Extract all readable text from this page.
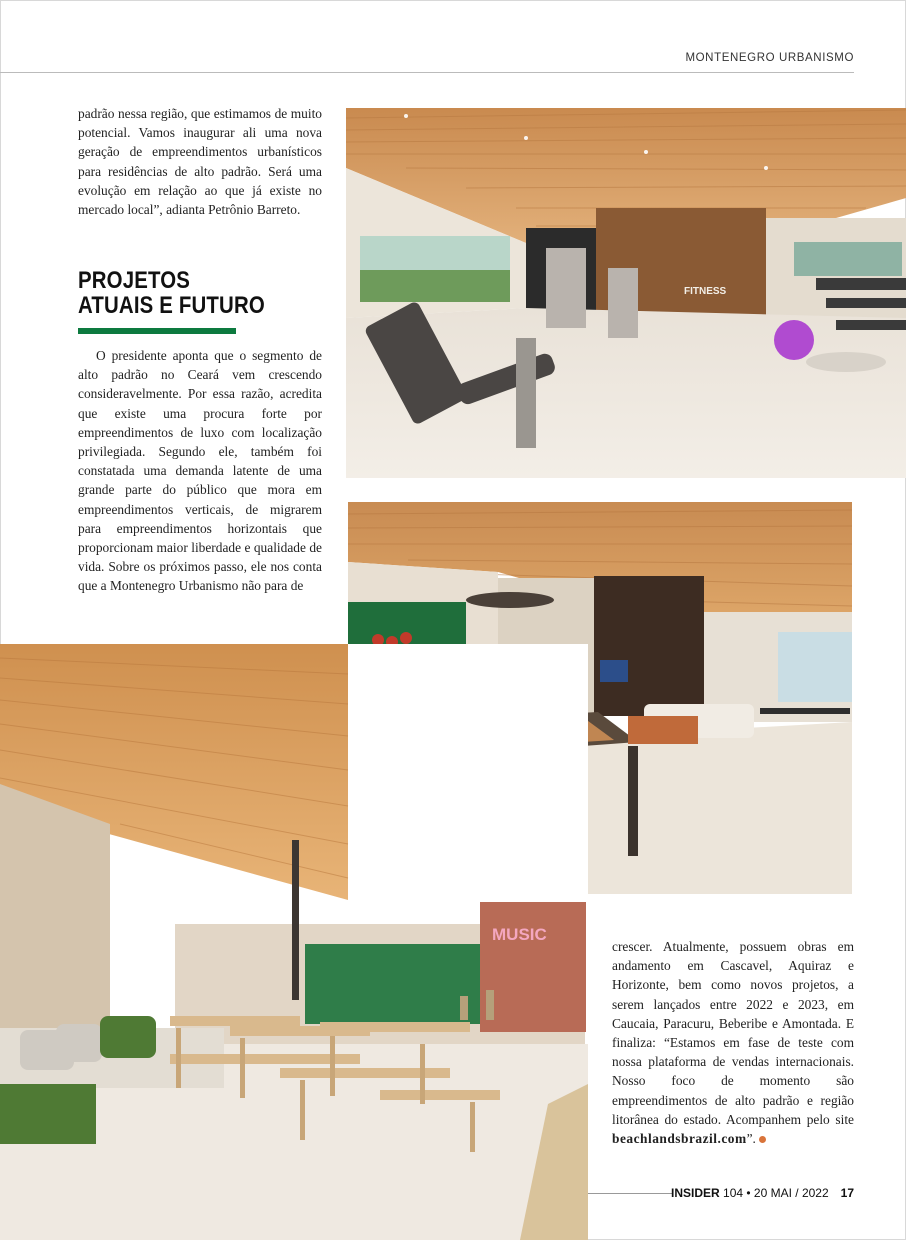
MONTENEGRO URBANISMO

padrão nessa região, que estimamos de muito potencial. Vamos inaugurar ali uma nova geração de empreendimentos urbanísticos para residências de alto padrão. Será uma evolução em relação ao que já existe no mercado local”, adianta Petrônio Barreto.

PROJETOS
ATUAIS E FUTURO

O presidente aponta que o segmento de alto padrão no Ceará vem crescendo consideravelmente. Por essa razão, acredita que existe uma procura forte por empreendimentos de luxo com localização privilegiada. Segundo ele, também foi constatada uma demanda latente de uma grande parte do público que mora em empreendimentos verticais, de migrarem para empreendimentos horizontais que proporcionam maior liberdade e qualidade de vida. Sobre os próximos passo, ele nos conta que a Montenegro Urbanismo não para de

crescer. Atualmente, possuem obras em andamento em Cascavel, Aquiraz e Horizonte, bem como novos projetos, a serem lançados entre 2022 e 2023, em Caucaia, Paracuru, Beberibe e Amontada. E finaliza: “Estamos em fase de teste com nossa plataforma de vendas internacionais. Nosso foco de momento são empreendimentos de alto padrão e região litorânea do estado. Acompanhem pelo site beachlandsbrazil.com”.

FITNESS
MUSIC
INSIDER 104 • 20 MAI / 2022 17
